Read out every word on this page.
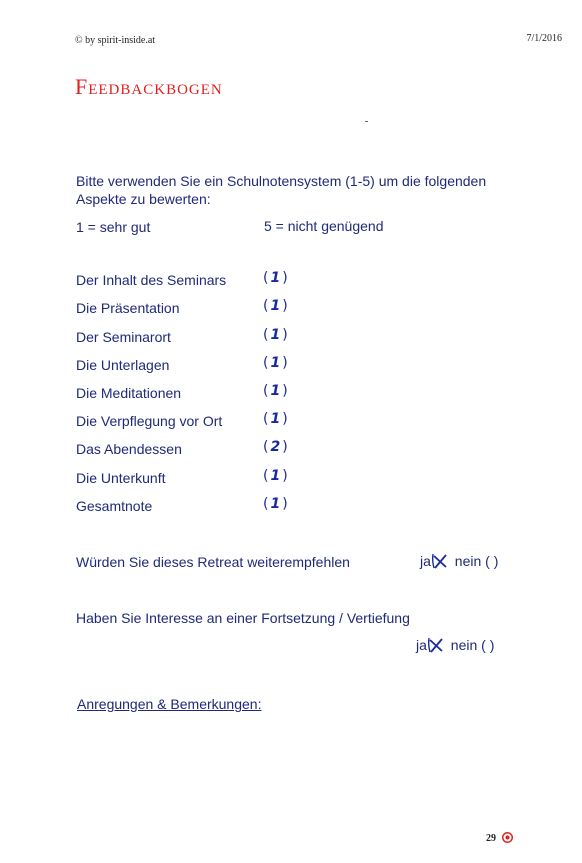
© by spirit-inside.at	7/1/2016
Feedbackbogen
Bitte verwenden Sie ein Schulnotensystem (1-5) um die folgenden
Aspekte zu bewerten:
1 = sehr gut	5 = nicht genügend
Der Inhalt des Seminars	( 1 )
Die Präsentation	( 1 )
Der Seminarort	( 1 )
Die Unterlagen	( 1 )
Die Meditationen	( 1 )
Die Verpflegung vor Ort	( 1 )
Das Abendessen	( 2 )
Die Unterkunft	( 1 )
Gesamtnote	( 1 )
Würden Sie dieses Retreat weiterempfehlen	ja nein ( )
Haben Sie Interesse an einer Fortsetzung / Vertiefung
ja nein ( )
Anregungen & Bemerkungen:
29
